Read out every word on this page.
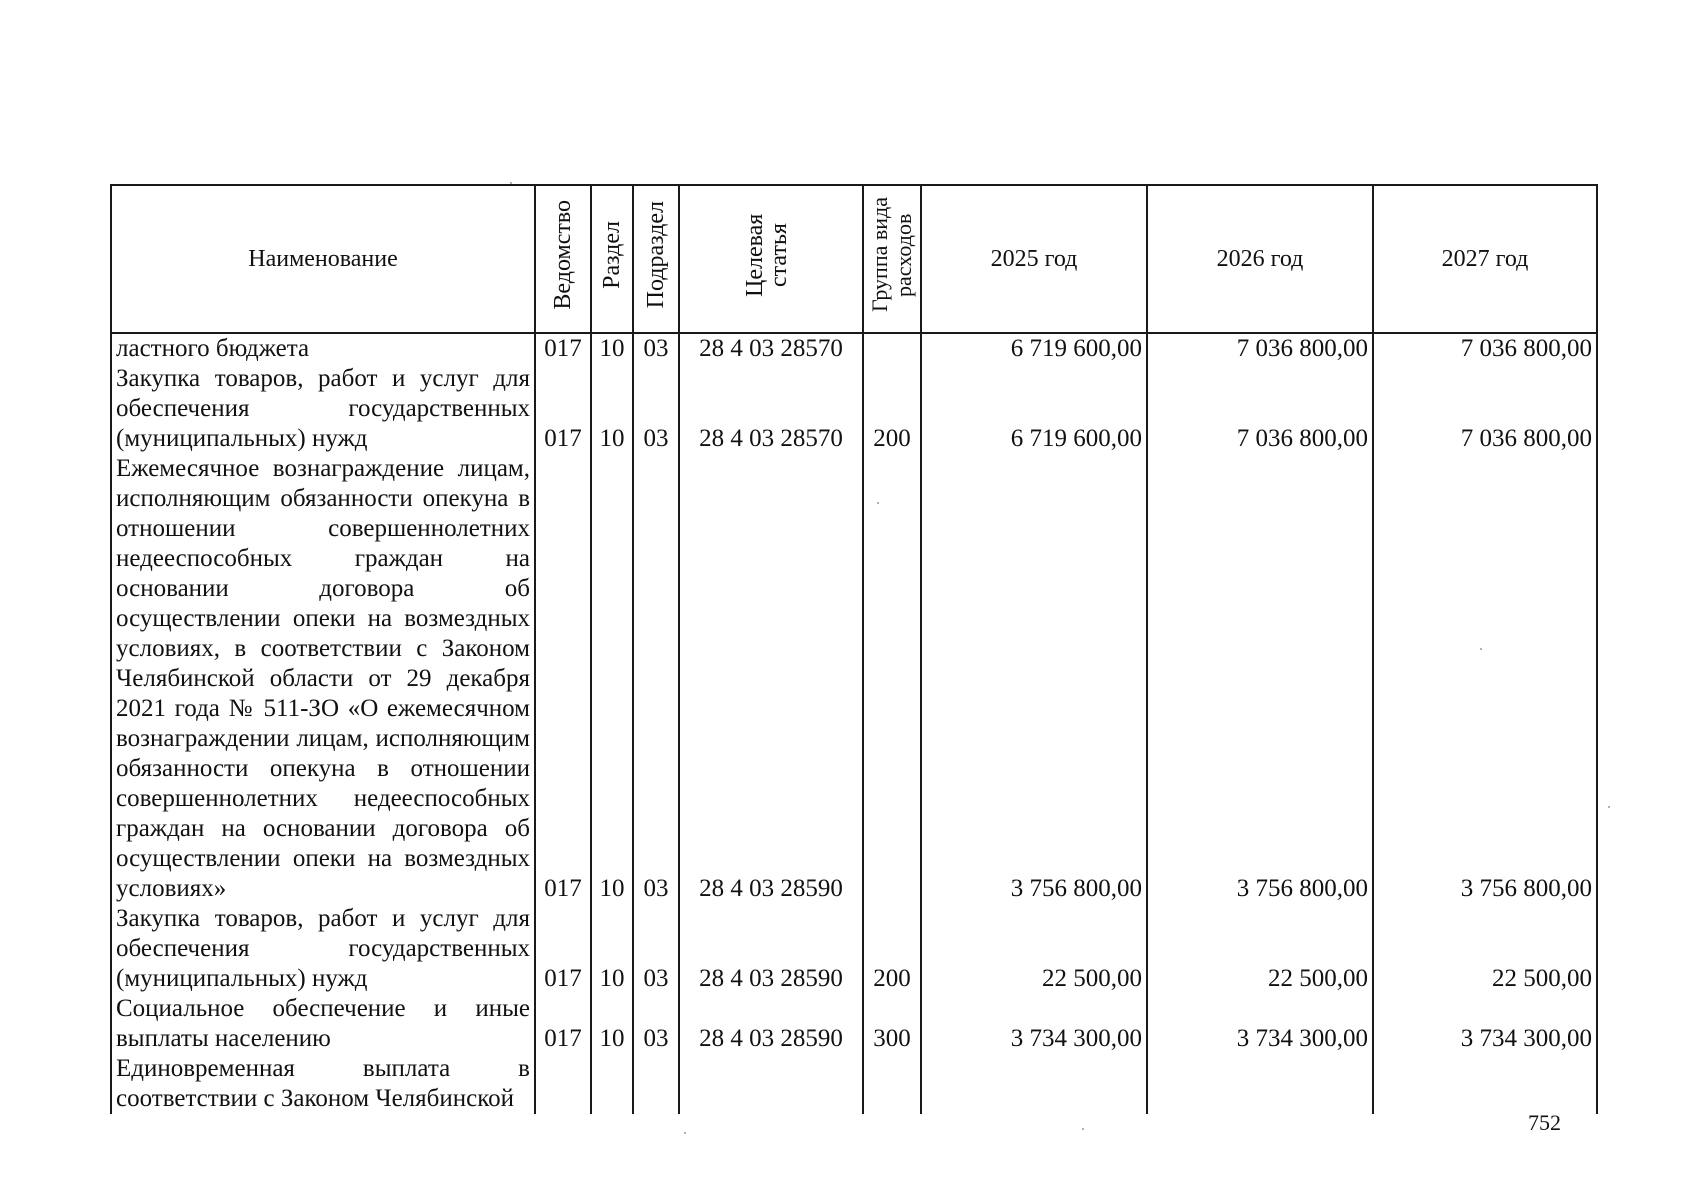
Наименование	Ведомство	Раздел	Подраздел	Целевая статья	Группа вида расходов	2025 год	2026 год	2027 год
ластного бюджета	017	10	03	28 4 03 28570		6 719 600,00	7 036 800,00	7 036 800,00
Закупка товаров, работ и услуг для обеспечения государственных (муниципальных) нужд	017	10	03	28 4 03 28570	200	6 719 600,00	7 036 800,00	7 036 800,00
Ежемесячное вознаграждение лицам, исполняющим обязанности опекуна в отношении совершеннолетних недееспособных граждан на основании договора об осуществлении опеки на возмездных условиях, в соответствии с Законом Челябинской области от 29 декабря 2021 года № 511-ЗО «О ежемесячном вознаграждении лицам, исполняющим обязанности опекуна в отношении совершеннолетних недееспособных граждан на основании договора об осуществлении опеки на возмездных условиях»	017	10	03	28 4 03 28590		3 756 800,00	3 756 800,00	3 756 800,00
Закупка товаров, работ и услуг для обеспечения государственных (муниципальных) нужд	017	10	03	28 4 03 28590	200	22 500,00	22 500,00	22 500,00
Социальное обеспечение и иные выплаты населению	017	10	03	28 4 03 28590	300	3 734 300,00	3 734 300,00	3 734 300,00
Единовременная выплата в соответствии с Законом Челябинской								
752
